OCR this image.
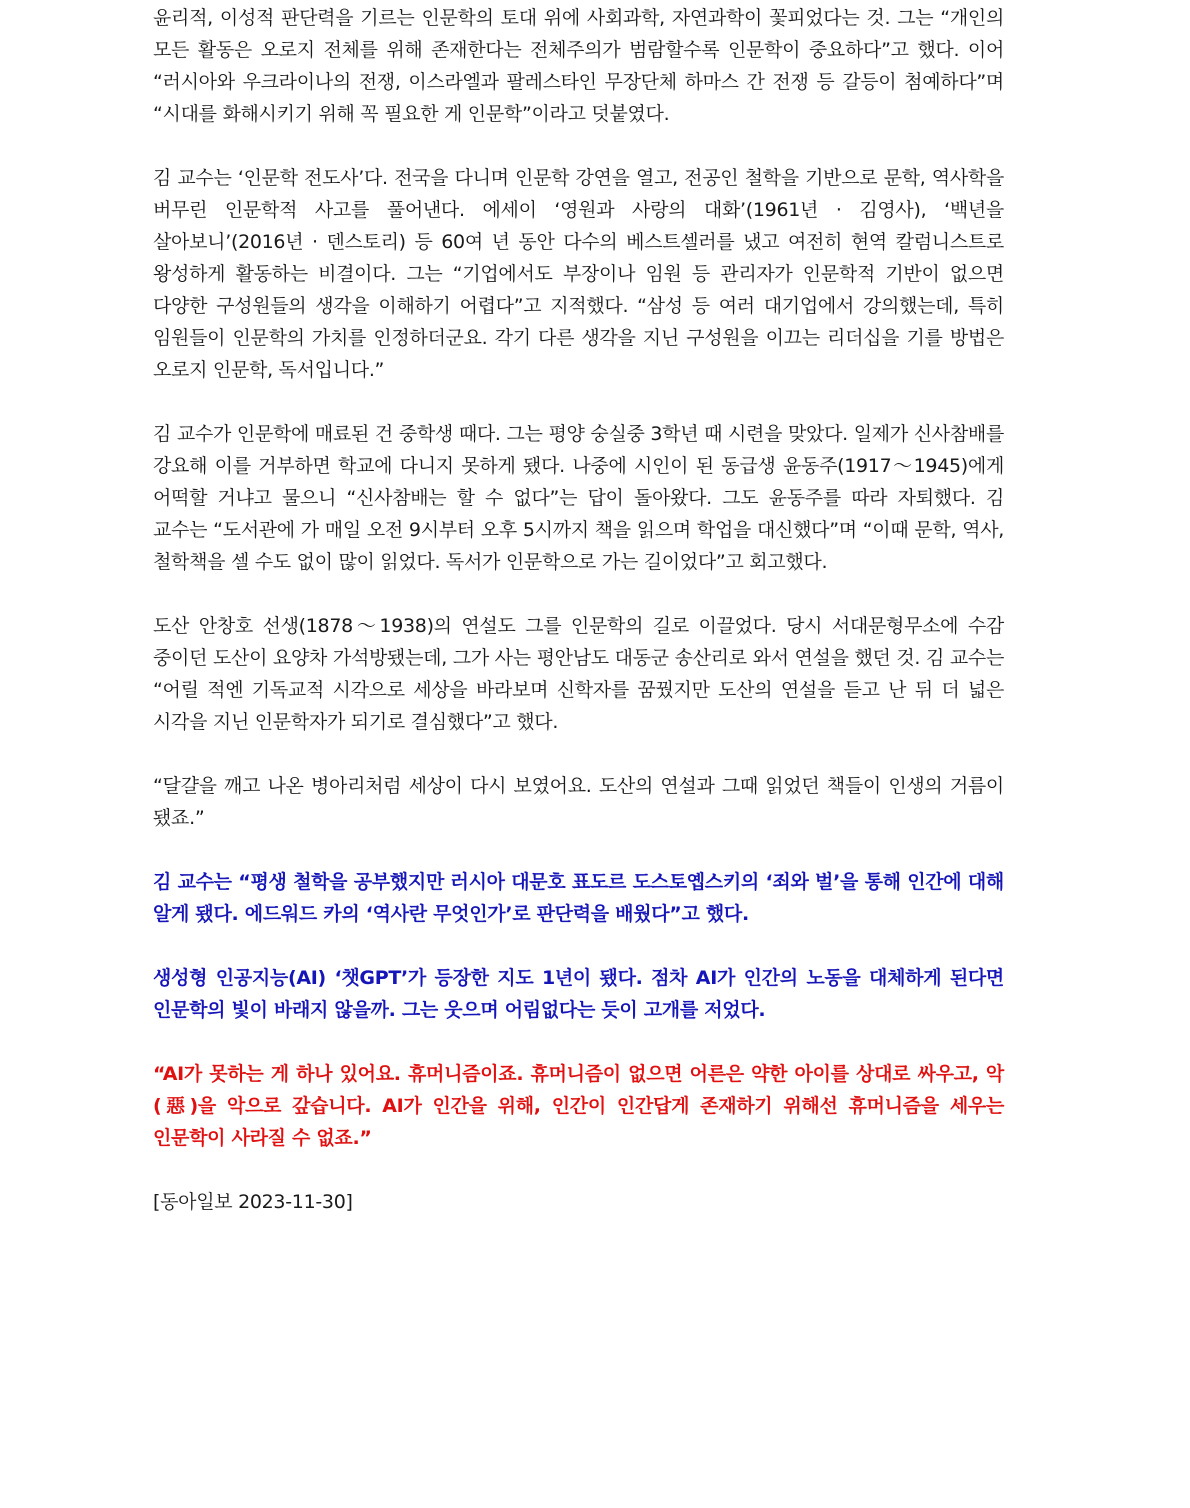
윤리적, 이성적 판단력을 기르는 인문학의 토대 위에 사회과학, 자연과학이 꽃피었다는 것. 그는 “개인의 모든 활동은 오로지 전체를 위해 존재한다는 전체주의가 범람할수록 인문학이 중요하다”고 했다. 이어 “러시아와 우크라이나의 전쟁, 이스라엘과 팔레스타인 무장단체 하마스 간 전쟁 등 갈등이 첨예하다”며 “시대를 화해시키기 위해 꼭 필요한 게 인문학”이라고 덧붙였다.

김 교수는 ‘인문학 전도사’다. 전국을 다니며 인문학 강연을 열고, 전공인 철학을 기반으로 문학, 역사학을 버무린 인문학적 사고를 풀어낸다. 에세이 ‘영원과 사랑의 대화’(1961년 · 김영사), ‘백년을 살아보니’(2016년 · 덴스토리) 등 60여 년 동안 다수의 베스트셀러를 냈고 여전히 현역 칼럼니스트로 왕성하게 활동하는 비결이다. 그는 “기업에서도 부장이나 임원 등 관리자가 인문학적 기반이 없으면 다양한 구성원들의 생각을 이해하기 어렵다”고 지적했다. “삼성 등 여러 대기업에서 강의했는데, 특히 임원들이 인문학의 가치를 인정하더군요. 각기 다른 생각을 지닌 구성원을 이끄는 리더십을 기를 방법은 오로지 인문학, 독서입니다.”

김 교수가 인문학에 매료된 건 중학생 때다. 그는 평양 숭실중 3학년 때 시련을 맞았다. 일제가 신사참배를 강요해 이를 거부하면 학교에 다니지 못하게 됐다. 나중에 시인이 된 동급생 윤동주(1917～1945)에게 어떡할 거냐고 물으니 “신사참배는 할 수 없다”는 답이 돌아왔다. 그도 윤동주를 따라 자퇴했다. 김 교수는 “도서관에 가 매일 오전 9시부터 오후 5시까지 책을 읽으며 학업을 대신했다”며 “이때 문학, 역사, 철학책을 셀 수도 없이 많이 읽었다. 독서가 인문학으로 가는 길이었다”고 회고했다.

도산 안창호 선생(1878～1938)의 연설도 그를 인문학의 길로 이끌었다. 당시 서대문형무소에 수감 중이던 도산이 요양차 가석방됐는데, 그가 사는 평안남도 대동군 송산리로 와서 연설을 했던 것. 김 교수는 “어릴 적엔 기독교적 시각으로 세상을 바라보며 신학자를 꿈꿨지만 도산의 연설을 듣고 난 뒤 더 넓은 시각을 지닌 인문학자가 되기로 결심했다”고 했다.

“달걀을 깨고 나온 병아리처럼 세상이 다시 보였어요. 도산의 연설과 그때 읽었던 책들이 인생의 거름이 됐죠.”

김 교수는 “평생 철학을 공부했지만 러시아 대문호 표도르 도스토옙스키의 ‘죄와 벌’을 통해 인간에 대해 알게 됐다. 에드워드 카의 ‘역사란 무엇인가’로 판단력을 배웠다”고 했다.

생성형 인공지능(AI) ‘챗GPT’가 등장한 지도 1년이 됐다. 점차 AI가 인간의 노동을 대체하게 된다면 인문학의 빛이 바래지 않을까. 그는 웃으며 어림없다는 듯이 고개를 저었다.

“AI가 못하는 게 하나 있어요. 휴머니즘이죠. 휴머니즘이 없으면 어른은 약한 아이를 상대로 싸우고, 악(惡)을 악으로 갚습니다. AI가 인간을 위해, 인간이 인간답게 존재하기 위해선 휴머니즘을 세우는 인문학이 사라질 수 없죠.”

[동아일보 2023-11-30]
